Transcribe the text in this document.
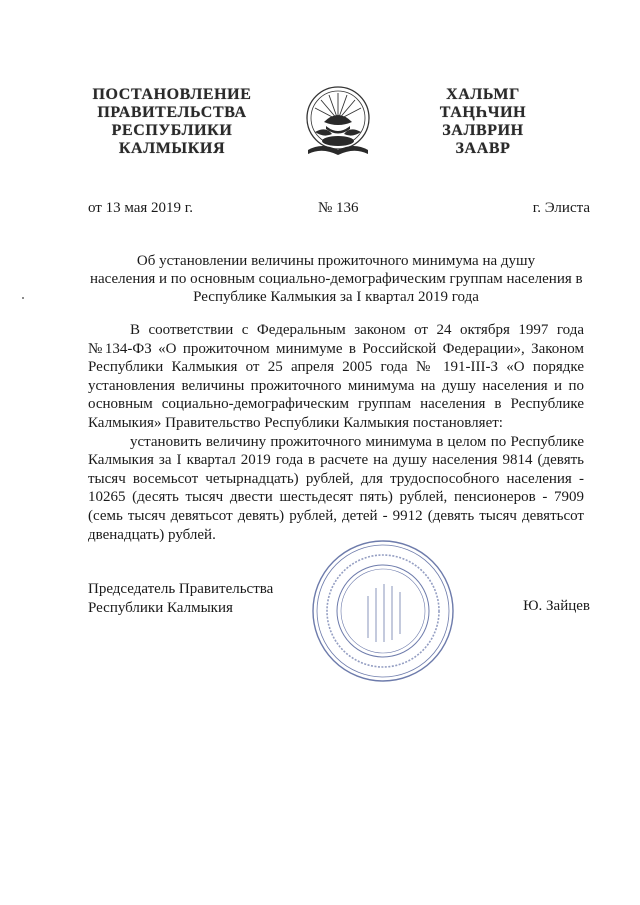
ПОСТАНОВЛЕНИЕ
ПРАВИТЕЛЬСТВА
РЕСПУБЛИКИ
КАЛМЫКИЯ
ХАЛЬМГ
ТАҢҺЧИН
ЗАЛВРИН
ЗААВР
от 13 мая 2019 г.	№ 136	г. Элиста
Об установлении величины прожиточного минимума на душу
населения и по основным социально-демографическим группам населения в
Республике Калмыкия за I квартал 2019 года

В соответствии с Федеральным законом от 24 октября 1997 года №134-ФЗ «О прожиточном минимуме в Российской Федерации», Законом Республики Калмыкия от 25 апреля 2005 года № 191-III-З «О порядке установления величины прожиточного минимума на душу населения и по основным социально-демографическим группам населения в Республике Калмыкия» Правительство Республики Калмыкия постановляет:

установить величину прожиточного минимума в целом по Республике Калмыкия за I квартал 2019 года в расчете на душу населения 9814 (девять тысяч восемьсот четырнадцать) рублей, для трудоспособного населения - 10265 (десять тысяч двести шестьдесят пять) рублей, пенсионеров - 7909 (семь тысяч девятьсот девять) рублей, детей - 9912 (девять тысяч девятьсот двенадцать) рублей.

Председатель Правительства
Республики Калмыкия	Ю. Зайцев
